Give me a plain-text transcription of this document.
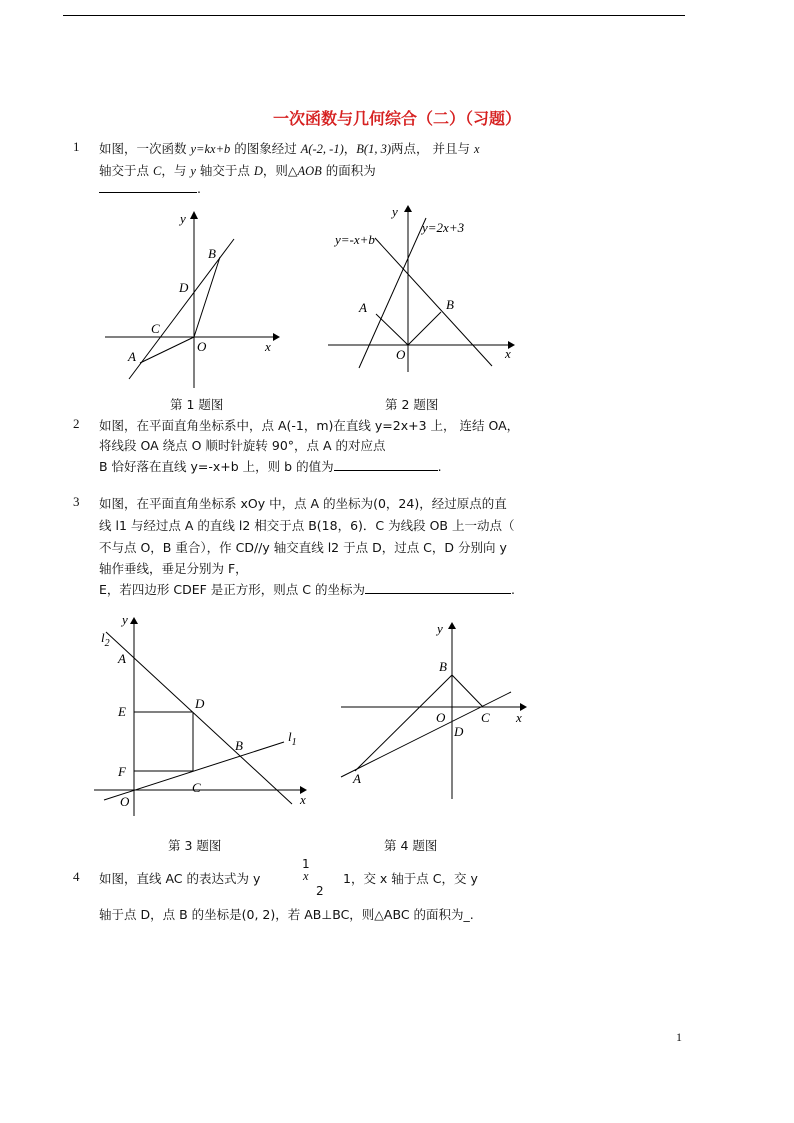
一次函数与几何综合（二）（习题）
1 如图，一次函数 y=kx+b 的图象经过 A(-2, -1)，B(1, 3)两点， 并且与 x
轴交于点 C，与 y 轴交于点 D，则△AOB 的面积为
.
y
x
O
A
B
C
D
第 1 题图
y
x
O
A	B
y=-x+b
y=2x+3
第 2 题图
2 如图，在平面直角坐标系中，点 A(-1，m)在直线 y=2x+3 上， 连结 OA，
将线段 OA 绕点 O 顺时针旋转 90°，点 A 的对应点
B 恰好落在直线 y=-x+b 上，则 b 的值为	.
3 如图，在平面直角坐标系 xOy 中，点 A 的坐标为(0，24)，经过原点的直
线 l1 与经过点 A 的直线 l2 相交于点 B(18，6)．C 为线段 OB 上一动点（
不与点 O，B 重合），作 CD//y 轴交直线 l2 于点 D，过点 C，D 分别向 y
轴作垂线，垂足分别为 F，
E，若四边形 CDEF 是正方形，则点 C 的坐标为	.
y
x
O
A
B
C
D
E
F
$l_2$
$l_1$
第 3 题图
y
x
O
A
B
C
D
第 4 题图
4 如图，直线 AC 的表达式为 y
1
x
2
1，交 x 轴于点 C，交 y
轴于点 D，点 B 的坐标是(0, 2)，若 AB⊥BC，则△ABC 的面积为_.
1
